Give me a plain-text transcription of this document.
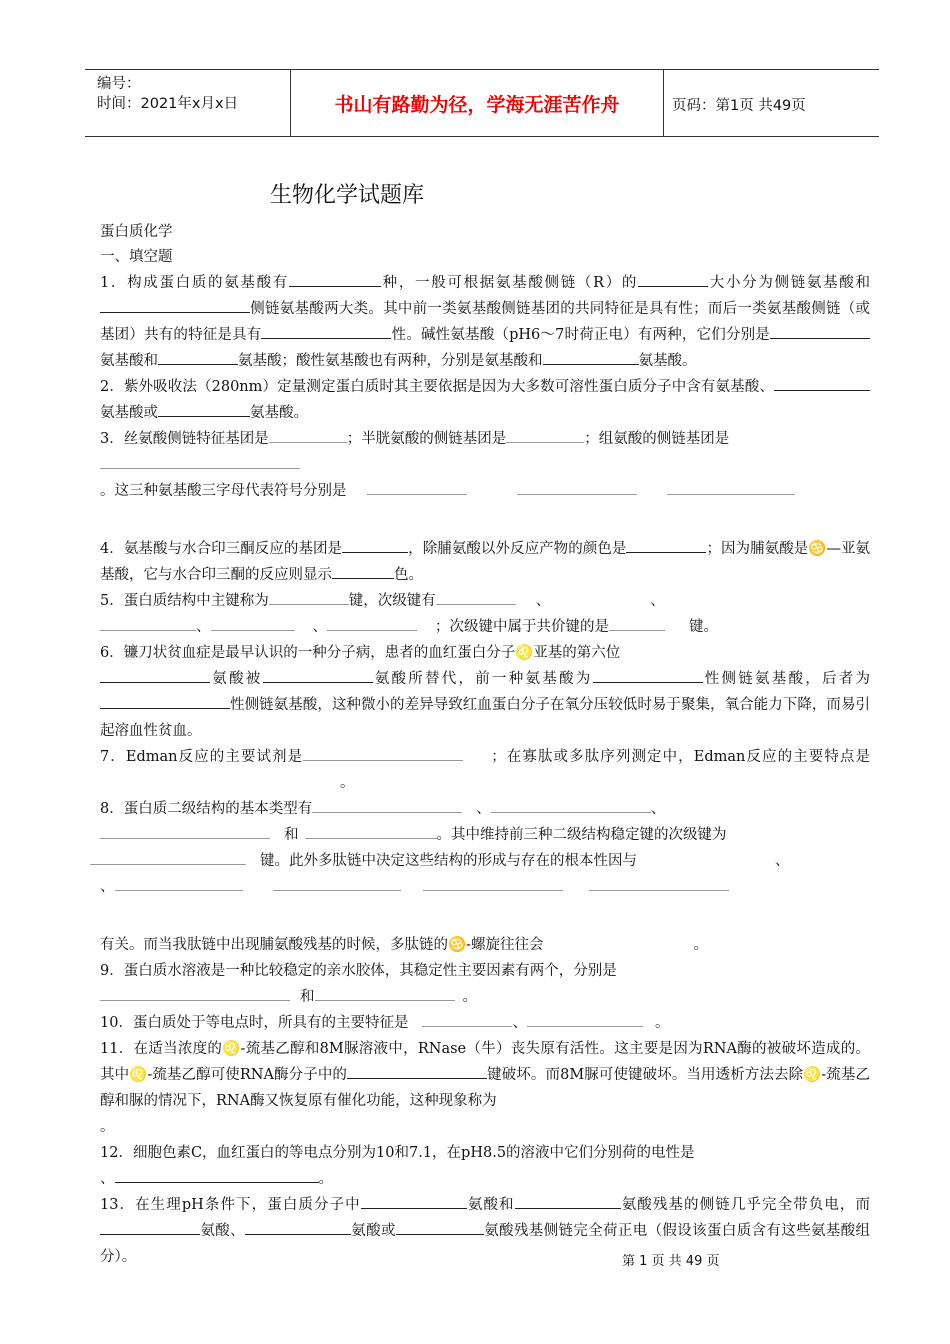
编号：
时间：2021年x月x日	书山有路勤为径，学海无涯苦作舟	页码：第1页 共49页
生物化学试题库
蛋白质化学
一、填空题

1．构成蛋白质的氨基酸有	种，一般可根据氨基酸侧链（R）的	大小分为侧链氨基酸和侧链氨基酸两大类。其中前一类氨基酸侧链基团的共同特征是具有性；而后一类氨基酸侧链（或基团）共有的特征是具有	性。碱性氨基酸（pH6～7时荷正电）有两种，它们分别是氨基酸和	氨基酸；酸性氨基酸也有两种，分别是氨基酸和	氨基酸。

2．紫外吸收法（280nm）定量测定蛋白质时其主要依据是因为大多数可溶性蛋白质分子中含有氨基酸、氨基酸或	氨基酸。

3．丝氨酸侧链特征基团是	；半胱氨酸的侧链基团是	；组氨酸的侧链基团是

。这三种氨基酸三字母代表符号分别是

4．氨基酸与水合印三酮反应的基团是	，除脯氨酸以外反应产物的颜色是	；因为脯氨酸是♋—亚氨基酸，它与水合印三酮的反应则显示	色。

5．蛋白质结构中主键称为	键，次级键有	、	、
、	、	；次级键中属于共价键的是	键。

6．镰刀状贫血症是最早认识的一种分子病，患者的血红蛋白分子♌亚基的第六位
氨酸被	氨酸所替代，前一种氨基酸为	性侧链氨基酸，后者为性侧链氨基酸，这种微小的差异导致红血蛋白分子在氧分压较低时易于聚集，氧合能力下降，而易引起溶血性贫血。

7．Edman反应的主要试剂是	；在寡肽或多肽序列测定中，Edman反应的主要特点是。

8．蛋白质二级结构的基本类型有	、	、
和	。其中维持前三种二级结构稳定键的次级键为
键。此外多肽链中决定这些结构的形成与存在的根本性因与	、
、

有关。而当我肽链中出现脯氨酸残基的时候，多肽链的♋-螺旋往往会	。

9．蛋白质水溶液是一种比较稳定的亲水胶体，其稳定性主要因素有两个，分别是
和	。

10．蛋白质处于等电点时，所具有的主要特征是	、	。

11．在适当浓度的♌-巯基乙醇和8M脲溶液中，RNase（牛）丧失原有活性。这主要是因为RNA酶的被破坏造成的。其中♌-巯基乙醇可使RNA酶分子中的	键破坏。而8M脲可使键破坏。当用透析方法去除♌-巯基乙醇和脲的情况下，RNA酶又恢复原有催化功能，这种现象称为
。

12．细胞色素C，血红蛋白的等电点分别为10和7.1，在pH8.5的溶液中它们分别荷的电性是
、	。

13．在生理pH条件下，蛋白质分子中	氨酸和	氨酸残基的侧链几乎完全带负电，而氨酸、	氨酸或	氨酸残基侧链完全荷正电（假设该蛋白质含有这些氨基酸组分）。	第 1 页 共 49 页
